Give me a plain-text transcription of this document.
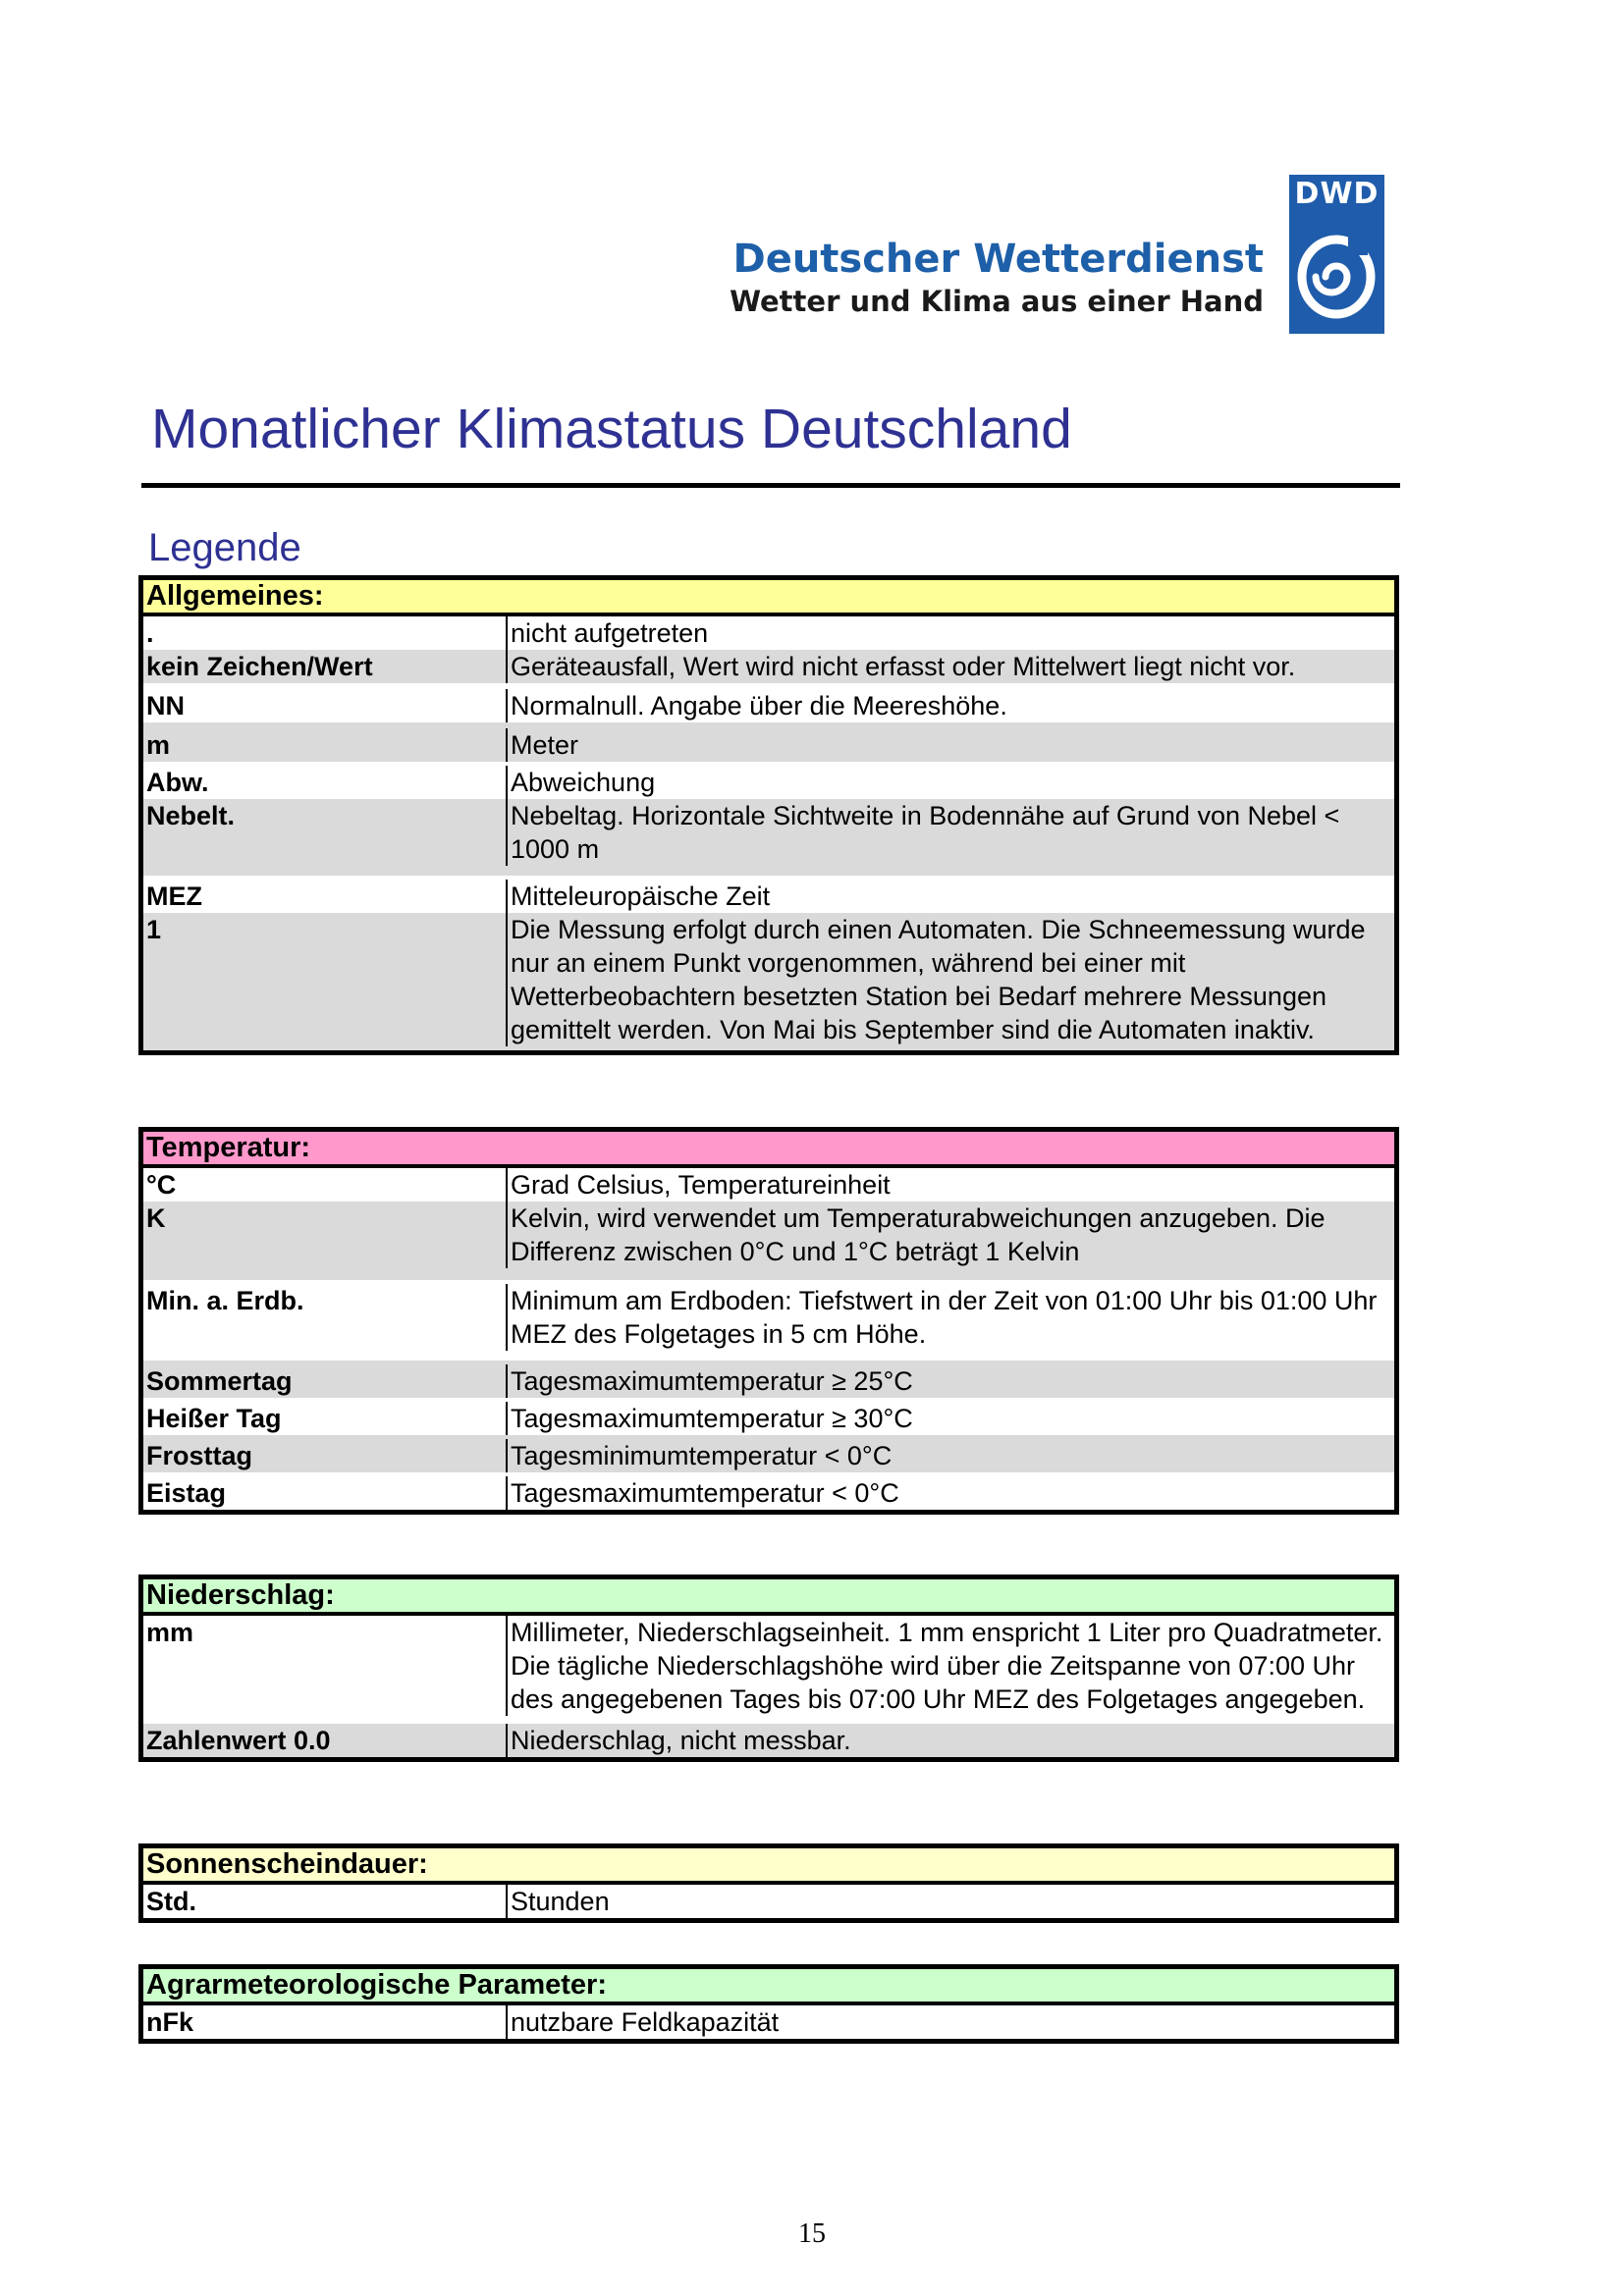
Deutscher Wetterdienst
Wetter und Klima aus einer Hand
DWD
Monatlicher Klimastatus Deutschland
Legende
Allgemeines:
.	nicht aufgetreten
kein Zeichen/Wert	Geräteausfall, Wert wird nicht erfasst oder Mittelwert liegt nicht vor.
NN	Normalnull. Angabe über die Meereshöhe.
m	Meter
Abw.	Abweichung
Nebelt.	Nebeltag. Horizontale Sichtweite in Bodennähe auf Grund von Nebel < 1000 m
MEZ	Mitteleuropäische Zeit
1	Die Messung erfolgt durch einen Automaten. Die Schneemessung wurde nur an einem Punkt vorgenommen, während bei einer mit Wetterbeobachtern besetzten Station bei Bedarf mehrere Messungen gemittelt werden. Von Mai bis September sind die Automaten inaktiv.
Temperatur:
°C	Grad Celsius, Temperatureinheit
K	Kelvin, wird verwendet um Temperaturabweichungen anzugeben. Die Differenz zwischen 0°C und 1°C beträgt 1 Kelvin
Min. a. Erdb.	Minimum am Erdboden: Tiefstwert in der Zeit von 01:00 Uhr bis 01:00 Uhr MEZ des Folgetages in 5 cm Höhe.
Sommertag	Tagesmaximumtemperatur ≥ 25°C
Heißer Tag	Tagesmaximumtemperatur ≥ 30°C
Frosttag	Tagesminimumtemperatur < 0°C
Eistag	Tagesmaximumtemperatur < 0°C
Niederschlag:
mm	Millimeter, Niederschlagseinheit. 1 mm enspricht 1 Liter pro Quadratmeter. Die tägliche Niederschlagshöhe wird über die Zeitspanne von 07:00 Uhr des angegebenen Tages bis 07:00 Uhr MEZ des Folgetages angegeben.
Zahlenwert 0.0	Niederschlag, nicht messbar.
Sonnenscheindauer:
Std.	Stunden
Agrarmeteorologische Parameter:
nFk	nutzbare Feldkapazität
15
